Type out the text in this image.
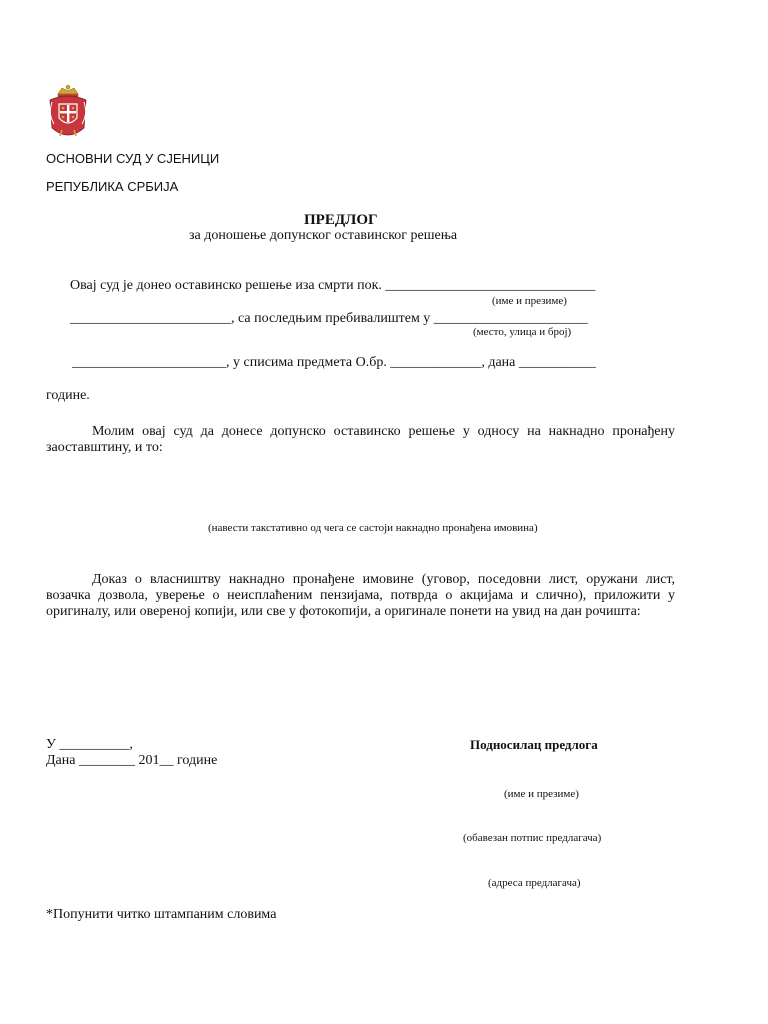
ОСНОВНИ СУД У СЈЕНИЦИ
РЕПУБЛИКА СРБИЈА
ПРЕДЛОГ
за доношење допунског оставинског решења
Овај суд је донео оставинско решење иза смрти пок. ______________________________
(име и презиме)
_______________________, са последњим пребивалиштем у ______________________
(место, улица и број)
______________________, у списима предмета О.бр. _____________, дана ___________
године.
Молим овај суд да донесе допунско оставинско решење у односу на накнадно пронађену заоставштину, и то:
(навести такстативно од чега се састоји накнадно пронађена имовина)
Доказ о власништву накнадно пронађене имовине (уговор, поседовни лист, оружани лист, возачка дозвола, уверење о неисплаћеним пензијама, потврда о акцијама и слично), приложити у оригиналу, или овереној копији, или све у фотокопији, а оригинале понети на увид на дан рочишта:
У __________,
Дана ________ 201__ године
Подносилац предлога
(име и презиме)
(обавезан потпис предлагача)
(адреса предлагача)
*Попунити читко штампаним словима
